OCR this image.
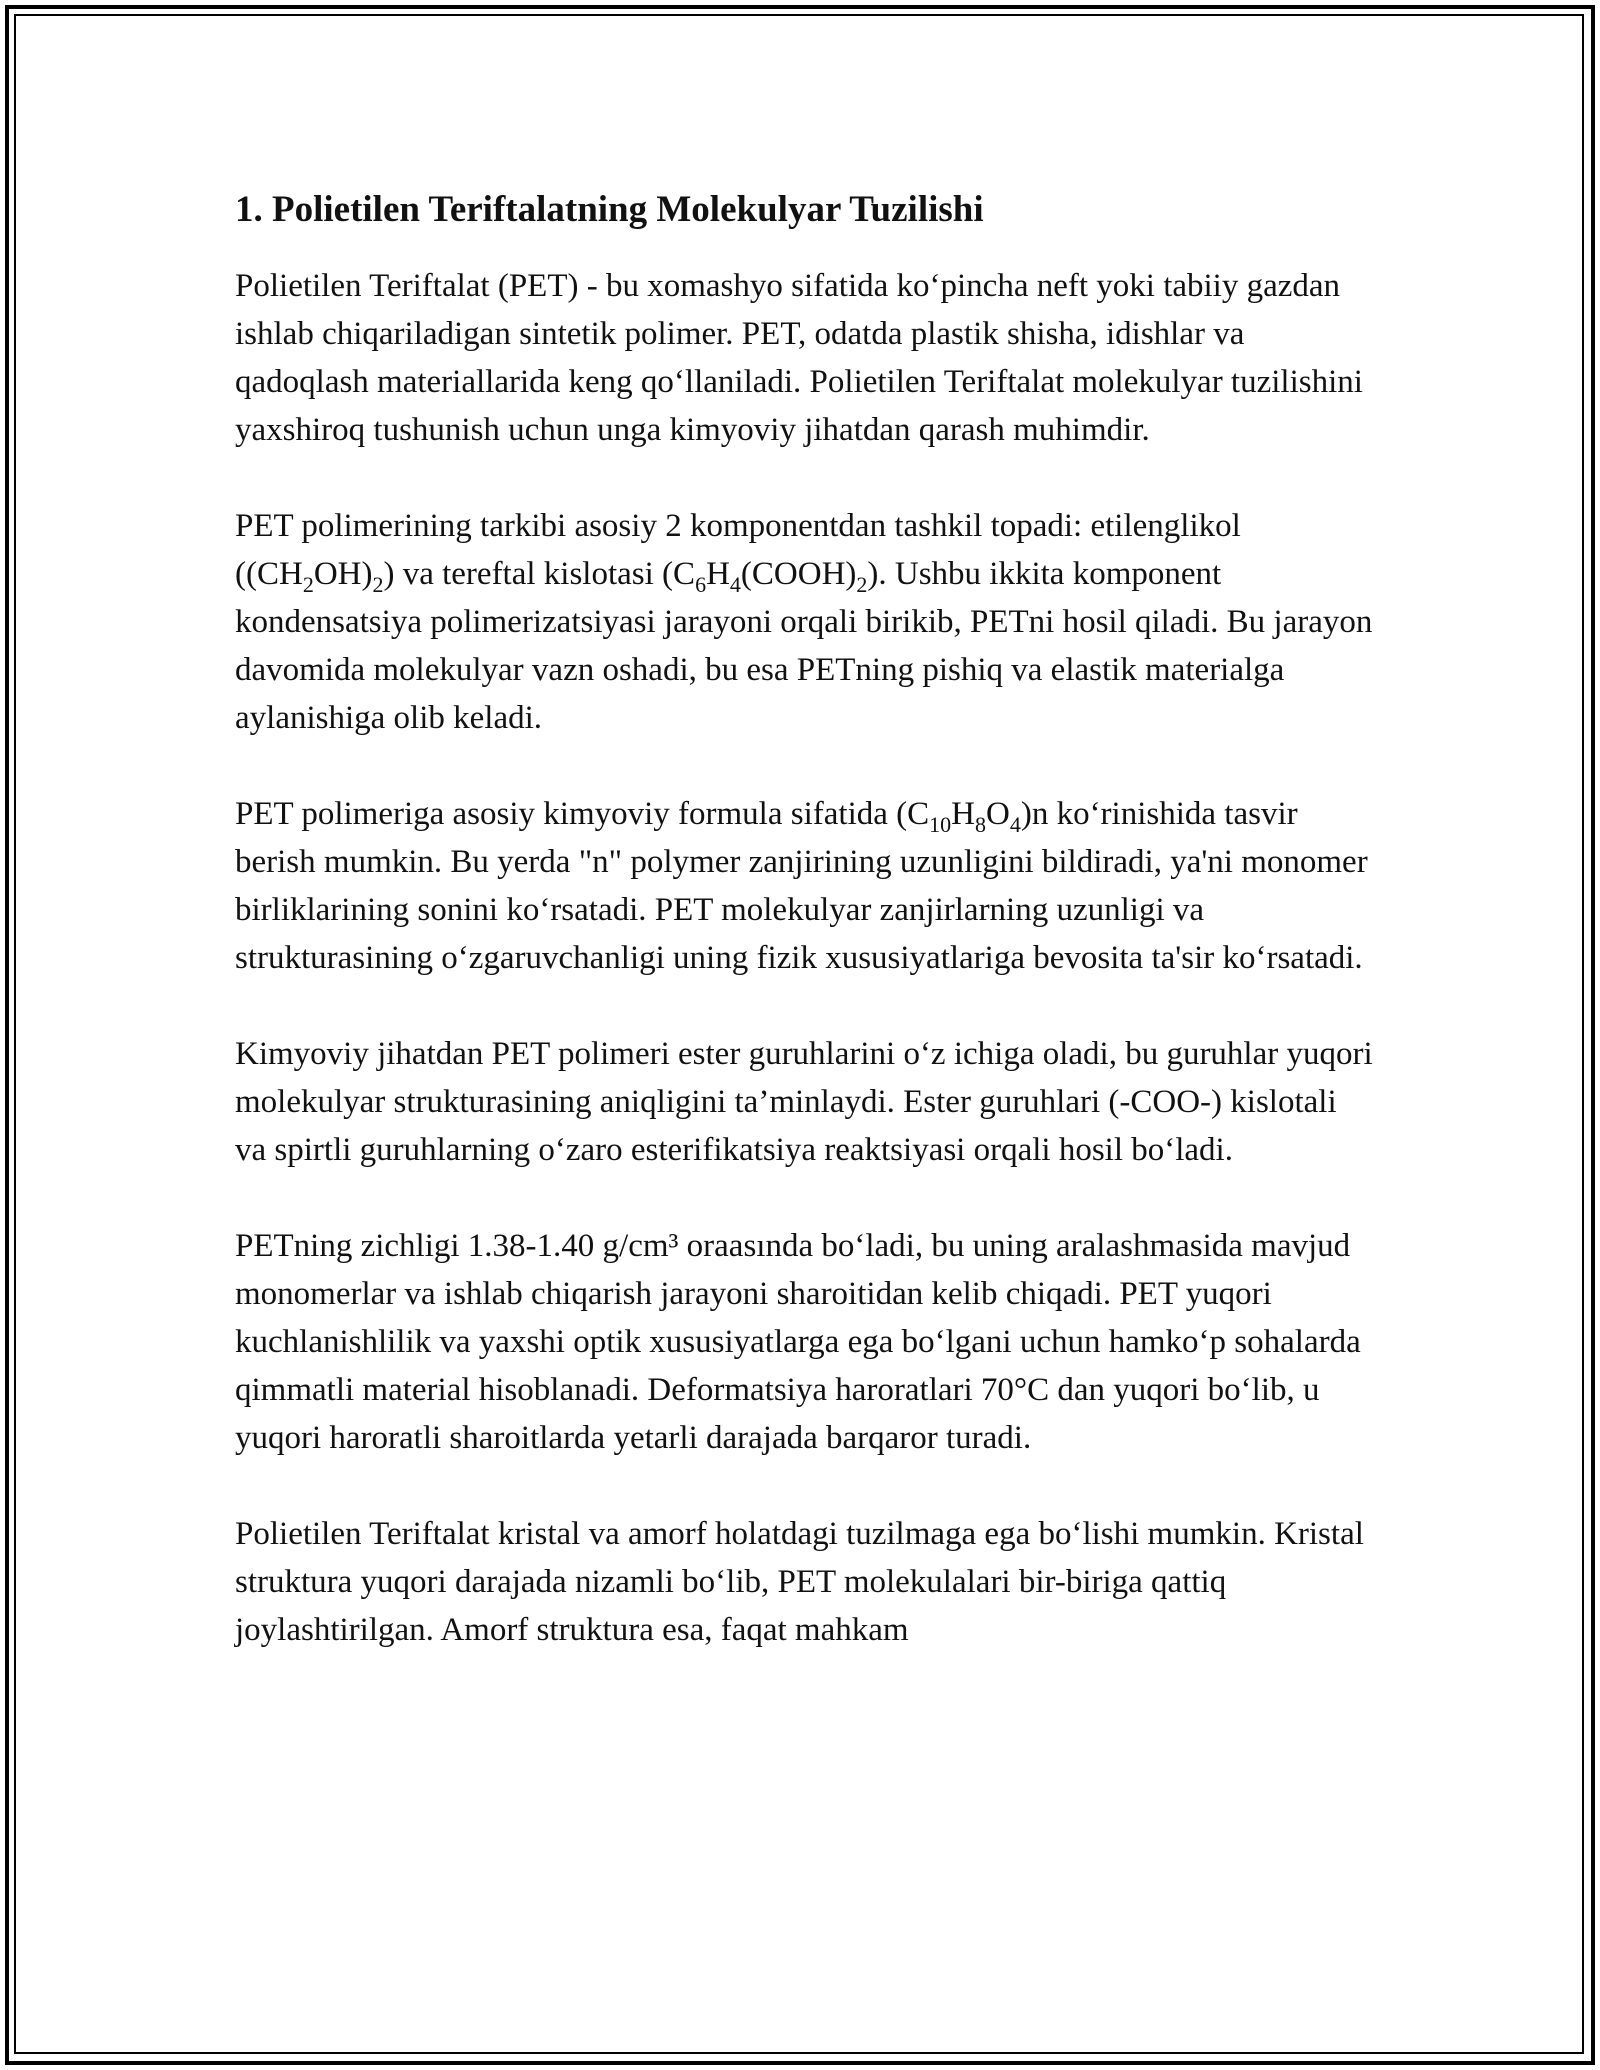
1. Polietilen Teriftalatning Molekulyar Tuzilishi

Polietilen Teriftalat (PET) - bu xomashyo sifatida ko‘pincha neft yoki tabiiy gazdan ishlab chiqariladigan sintetik polimer. PET, odatda plastik shisha, idishlar va qadoqlash materiallarida keng qo‘llaniladi. Polietilen Teriftalat molekulyar tuzilishini yaxshiroq tushunish uchun unga kimyoviy jihatdan qarash muhimdir.

PET polimerining tarkibi asosiy 2 komponentdan tashkil topadi: etilenglikol $((CH_2OH)_2)$ va tereftal kislotasi $(C_6H_4(COOH)_2)$. Ushbu ikkita komponent kondensatsiya polimerizatsiyasi jarayoni orqali birikib, PETni hosil qiladi. Bu jarayon davomida molekulyar vazn oshadi, bu esa PETning pishiq va elastik materialga aylanishiga olib keladi.

PET polimeriga asosiy kimyoviy formula sifatida $(C_{10}H_8O_4)n$ ko‘rinishida tasvir berish mumkin. Bu yerda "n" polymer zanjirining uzunligini bildiradi, ya'ni monomer birliklarining sonini ko‘rsatadi. PET molekulyar zanjirlarning uzunligi va strukturasining o‘zgaruvchanligi uning fizik xususiyatlariga bevosita ta'sir ko‘rsatadi.

Kimyoviy jihatdan PET polimeri ester guruhlarini o‘z ichiga oladi, bu guruhlar yuqori molekulyar strukturasining aniqligini ta’minlaydi. Ester guruhlari (-COO-) kislotali va spirtli guruhlarning o‘zaro esterifikatsiya reaktsiyasi orqali hosil bo‘ladi.

PETning zichligi 1.38-1.40 g/cm³ oraasında bo‘ladi, bu uning aralashmasida mavjud monomerlar va ishlab chiqarish jarayoni sharoitidan kelib chiqadi. PET yuqori kuchlanishlilik va yaxshi optik xususiyatlarga ega bo‘lgani uchun hamko‘p sohalarda qimmatli material hisoblanadi. Deformatsiya haroratlari 70°C dan yuqori bo‘lib, u yuqori haroratli sharoitlarda yetarli darajada barqaror turadi.

Polietilen Teriftalat kristal va amorf holatdagi tuzilmaga ega bo‘lishi mumkin. Kristal struktura yuqori darajada nizamli bo‘lib, PET molekulalari bir-biriga qattiq joylashtirilgan. Amorf struktura esa, faqat mahkam
